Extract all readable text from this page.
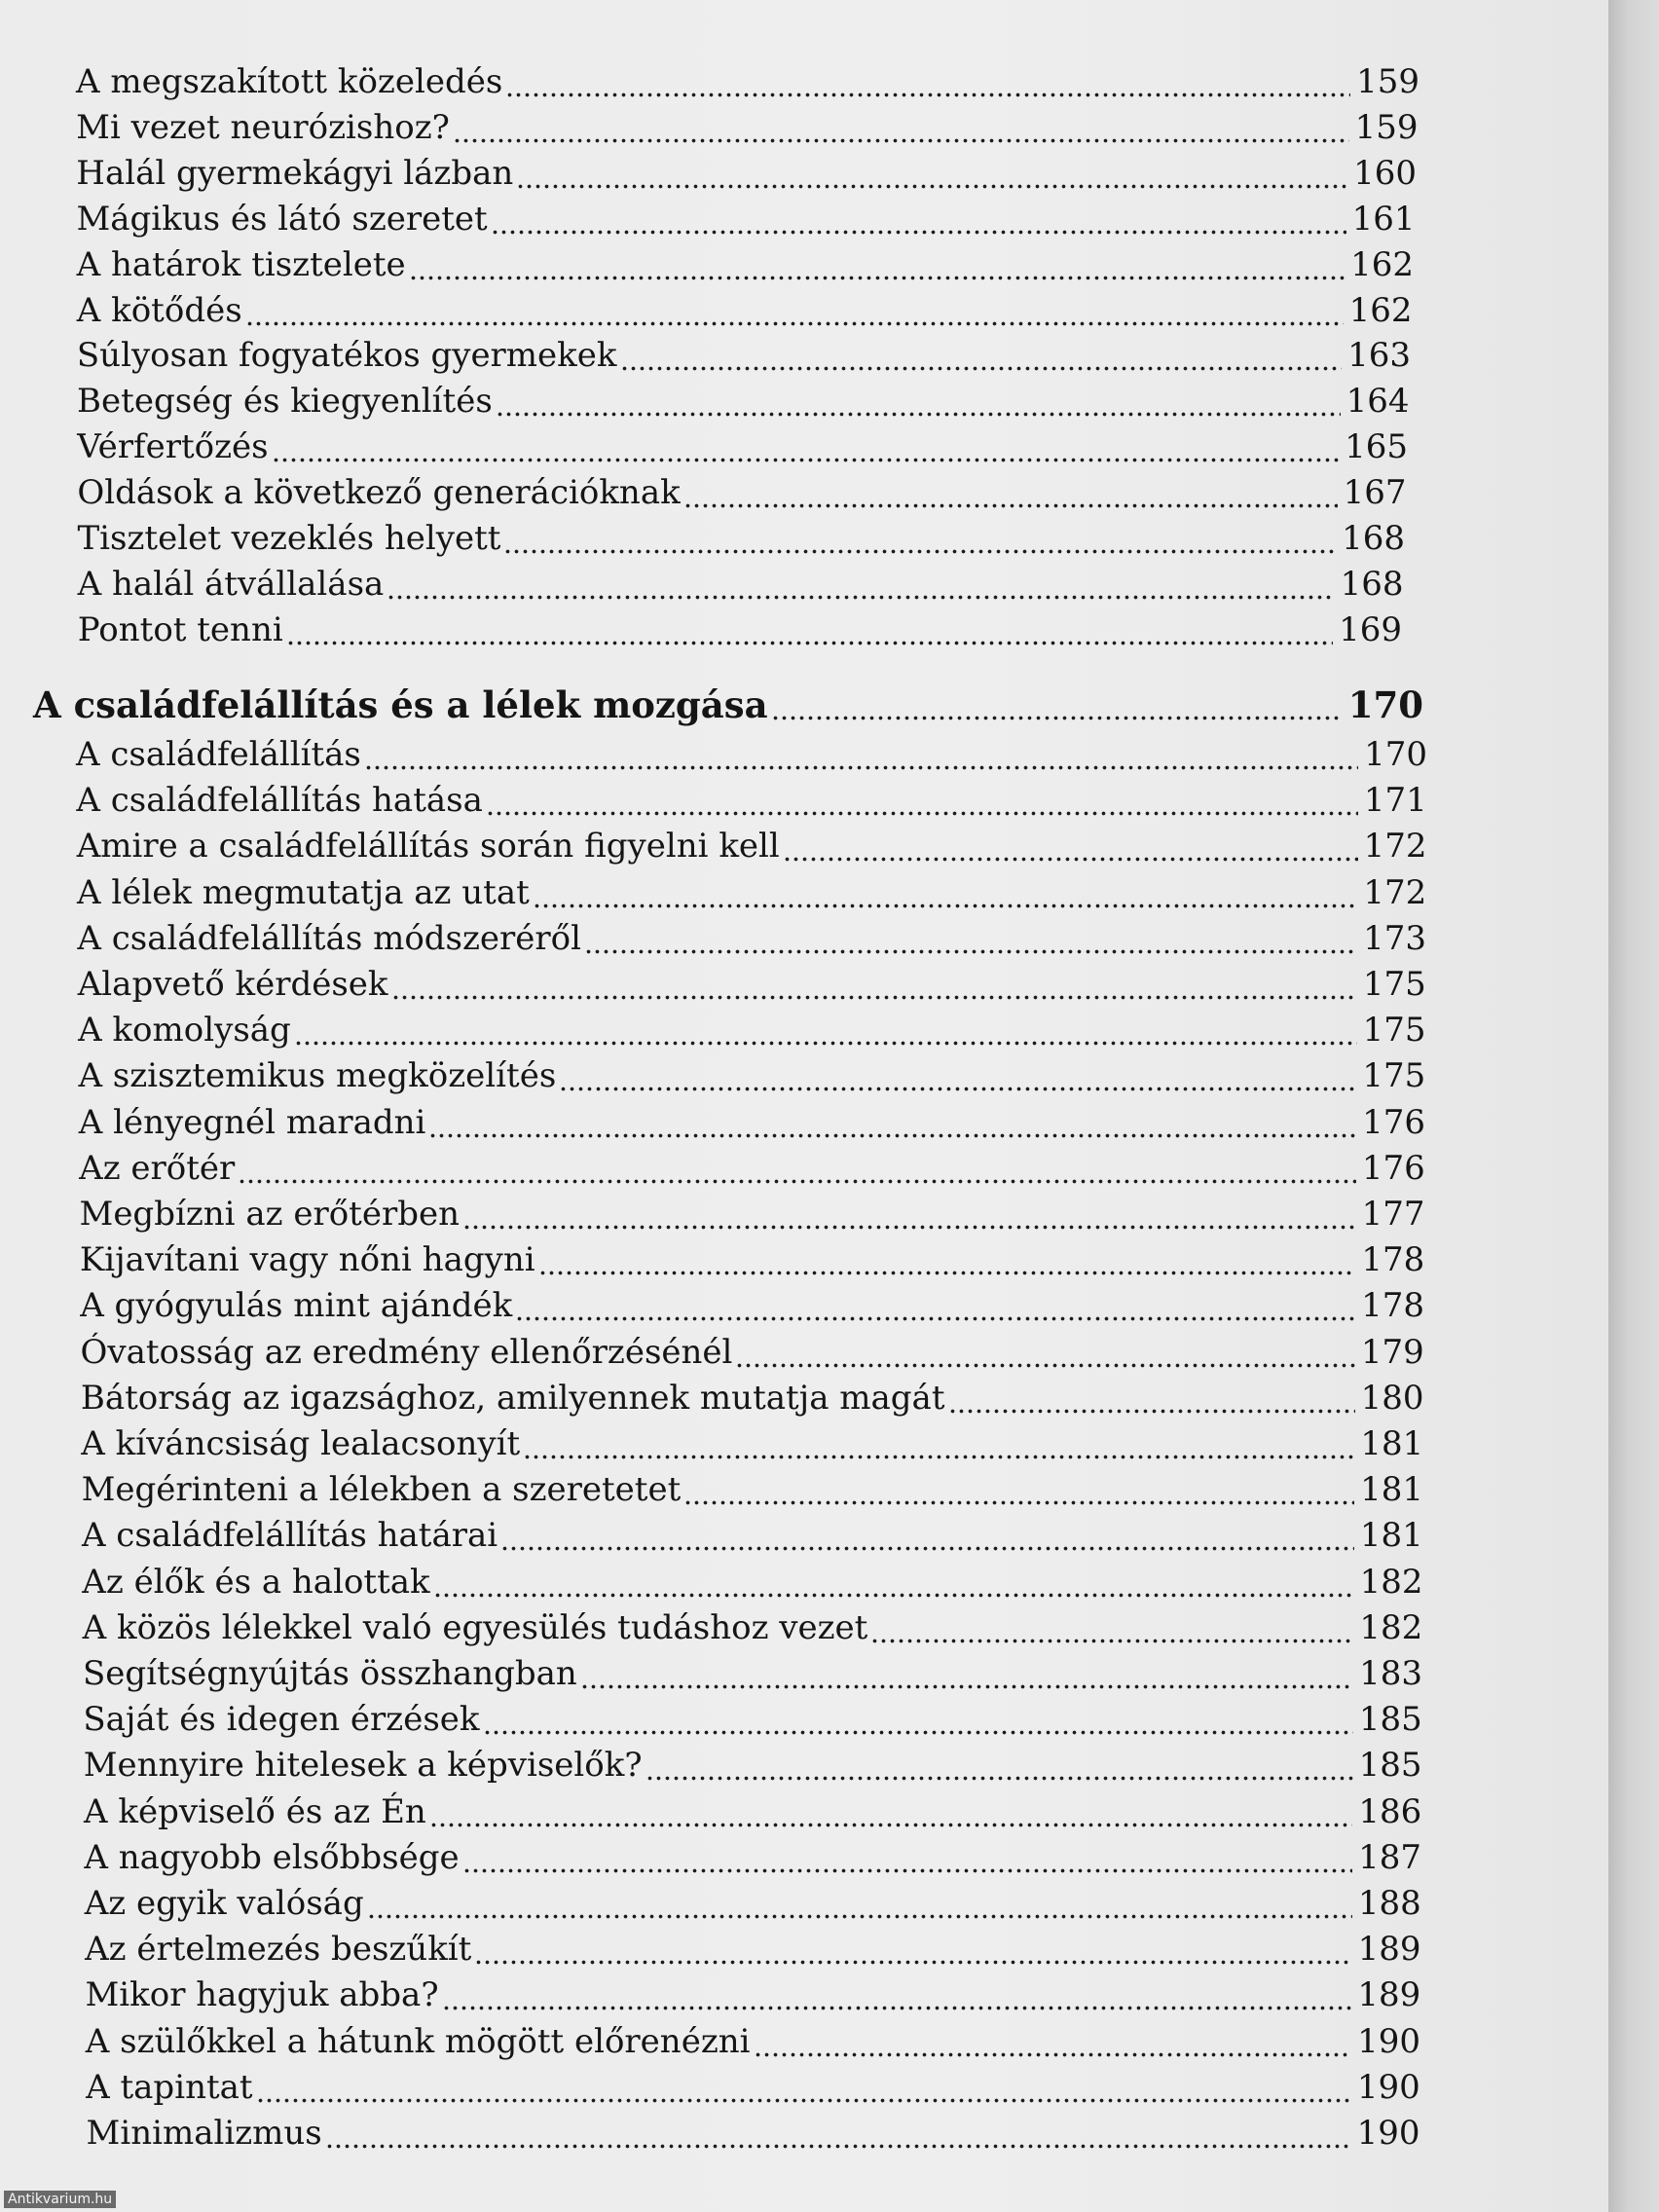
A megszakított közeledés	159
Mi vezet neurózishoz?	159
Halál gyermekágyi lázban	160
Mágikus és látó szeretet	161
A határok tisztelete	162
A kötődés	162
Súlyosan fogyatékos gyermekek	163
Betegség és kiegyenlítés	164
Vérfertőzés	165
Oldások a következő generációknak	167
Tisztelet vezeklés helyett	168
A halál átvállalása	168
Pontot tenni	169
A családfelállítás és a lélek mozgása	170
A családfelállítás	170
A családfelállítás hatása	171
Amire a családfelállítás során figyelni kell	172
A lélek megmutatja az utat	172
A családfelállítás módszeréről	173
Alapvető kérdések	175
A komolyság	175
A szisztemikus megközelítés	175
A lényegnél maradni	176
Az erőtér	176
Megbízni az erőtérben	177
Kijavítani vagy nőni hagyni	178
A gyógyulás mint ajándék	178
Óvatosság az eredmény ellenőrzésénél	179
Bátorság az igazsághoz, amilyennek mutatja magát	180
A kíváncsiság lealacsonyít	181
Megérinteni a lélekben a szeretetet	181
A családfelállítás határai	181
Az élők és a halottak	182
A közös lélekkel való egyesülés tudáshoz vezet	182
Segítségnyújtás összhangban	183
Saját és idegen érzések	185
Mennyire hitelesek a képviselők?	185
A képviselő és az Én	186
A nagyobb elsőbbsége	187
Az egyik valóság	188
Az értelmezés beszűkít	189
Mikor hagyjuk abba?	189
A szülőkkel a hátunk mögött előrenézni	190
A tapintat	190
Minimalizmus	190
Antikvarium.hu
